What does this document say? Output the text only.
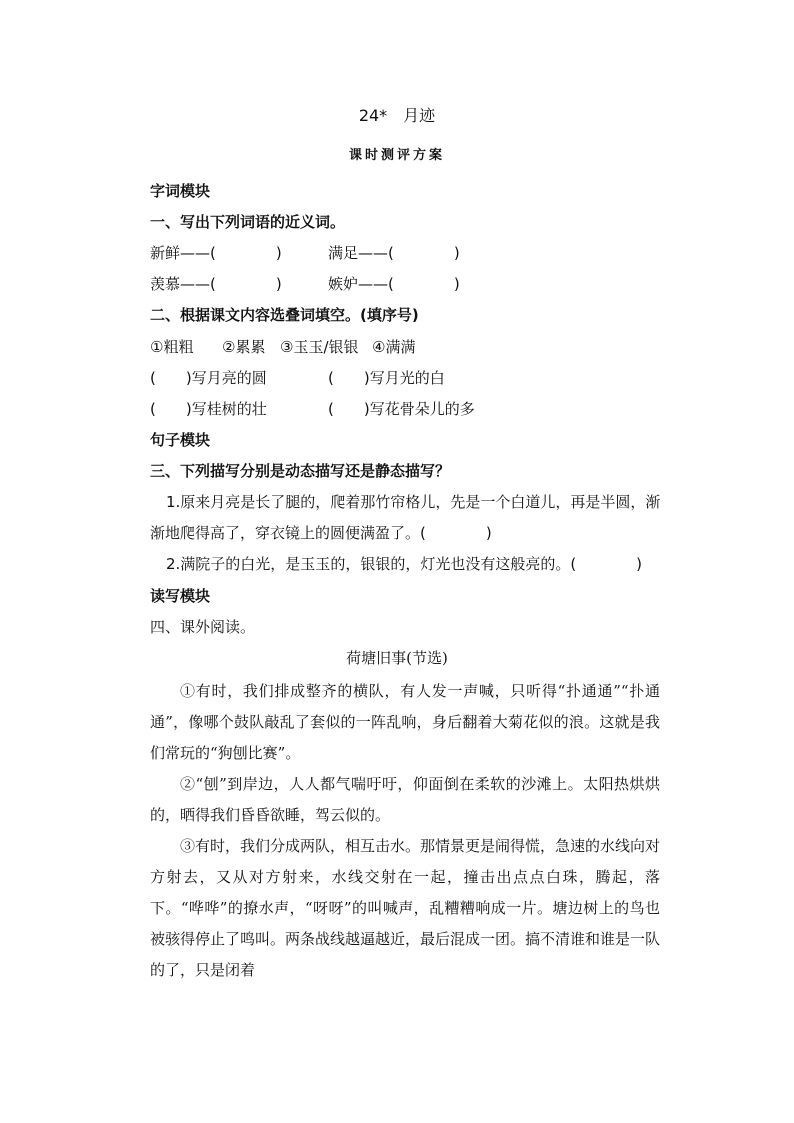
24*　月迹
课时测评方案
字词模块
一、写出下列词语的近义词。
新鲜——(　　　　)	满足——(　　　　)
羡慕——(　　　　)	嫉妒——(　　　　)
二、根据课文内容选叠词填空。(填序号)
①粗粗 ②累累 ③玉玉/银银 ④满满
(　　)写月亮的圆	(　　)写月光的白
(　　)写桂树的壮	(　　)写花骨朵儿的多
句子模块
三、下列描写分别是动态描写还是静态描写？
1.原来月亮是长了腿的，爬着那竹帘格儿，先是一个白道儿，再是半圆，渐
渐地爬得高了，穿衣镜上的圆便满盈了。(　　　　)
2.满院子的白光，是玉玉的，银银的，灯光也没有这般亮的。(　　　　)
读写模块
四、课外阅读。
荷塘旧事(节选)
①有时，我们排成整齐的横队，有人发一声喊，只听得“扑通通”“扑通通”，像哪个鼓队敲乱了套似的一阵乱响，身后翻着大菊花似的浪。这就是我们常玩的“狗刨比赛”。
②“刨”到岸边，人人都气喘吁吁，仰面倒在柔软的沙滩上。太阳热烘烘的，晒得我们昏昏欲睡，驾云似的。
③有时，我们分成两队，相互击水。那情景更是闹得慌，急速的水线向对方射去，又从对方射来，水线交射在一起，撞击出点点白珠，腾起，落下。“哗哗”的撩水声，“呀呀”的叫喊声，乱糟糟响成一片。塘边树上的鸟也被骇得停止了鸣叫。两条战线越逼越近，最后混成一团。搞不清谁和谁是一队的了，只是闭着
